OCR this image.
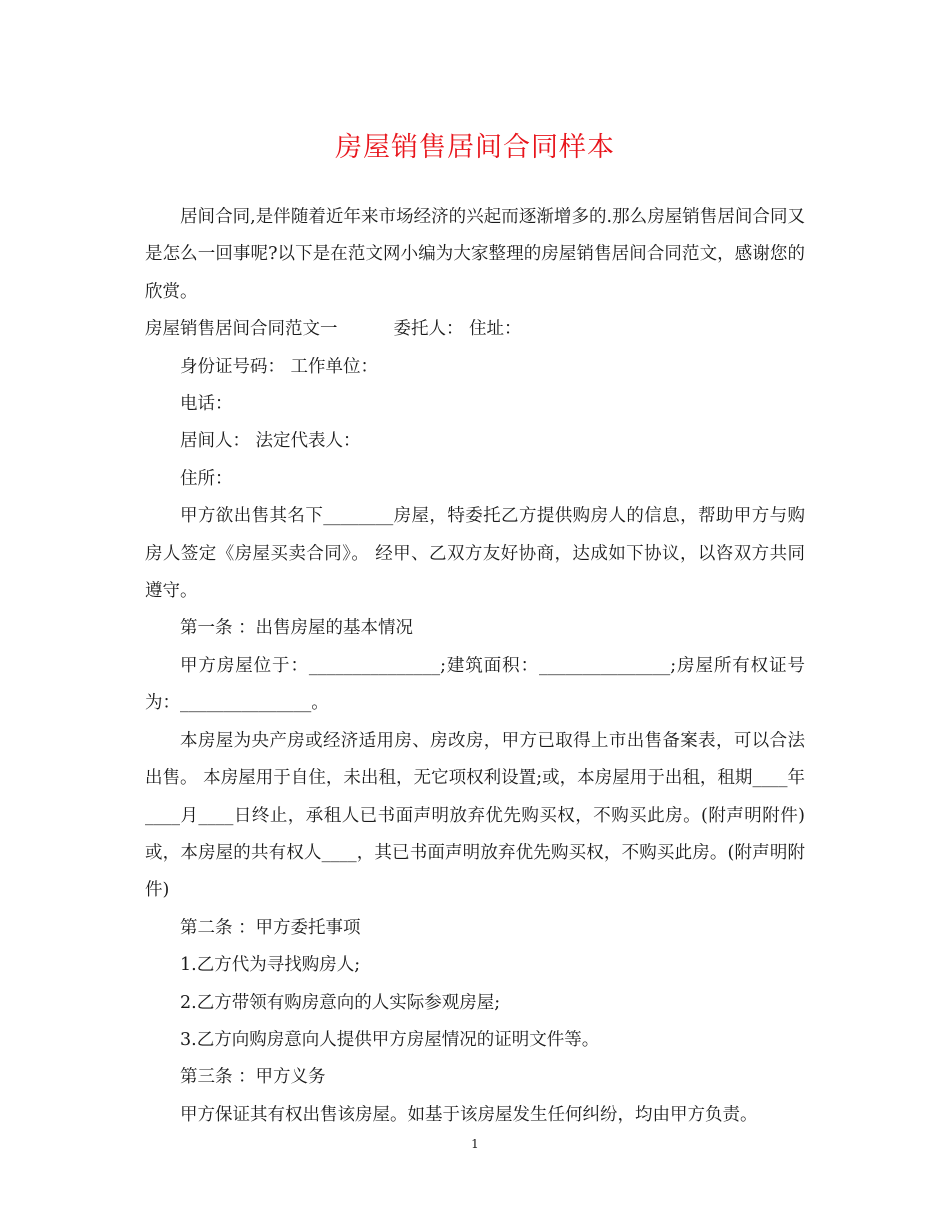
房屋销售居间合同样本

居间合同,是伴随着近年来市场经济的兴起而逐渐增多的.那么房屋销售居间合同又是怎么一回事呢?以下是在范文网小编为大家整理的房屋销售居间合同范文，感谢您的欣赏。

房屋销售居间合同范文一	委托人： 住址：

身份证号码： 工作单位：

电话：

居间人： 法定代表人：

住所：

甲方欲出售其名下________房屋，特委托乙方提供购房人的信息，帮助甲方与购房人签定《房屋买卖合同》。 经甲、乙双方友好协商，达成如下协议，以咨双方共同遵守。

第一条 ：出售房屋的基本情况

甲方房屋位于：_______________;建筑面积：_______________;房屋所有权证号为：_______________。

本房屋为央产房或经济适用房、房改房，甲方已取得上市出售备案表，可以合法出售。 本房屋用于自住，未出租，无它项权利设置;或，本房屋用于出租，租期____年____月____日终止，承租人已书面声明放弃优先购买权，不购买此房。(附声明附件)或，本房屋的共有权人____，其已书面声明放弃优先购买权，不购买此房。(附声明附件)

第二条 ：甲方委托事项

1.乙方代为寻找购房人;

2.乙方带领有购房意向的人实际参观房屋;

3.乙方向购房意向人提供甲方房屋情况的证明文件等。

第三条 ：甲方义务

甲方保证其有权出售该房屋。如基于该房屋发生任何纠纷，均由甲方负责。

1
